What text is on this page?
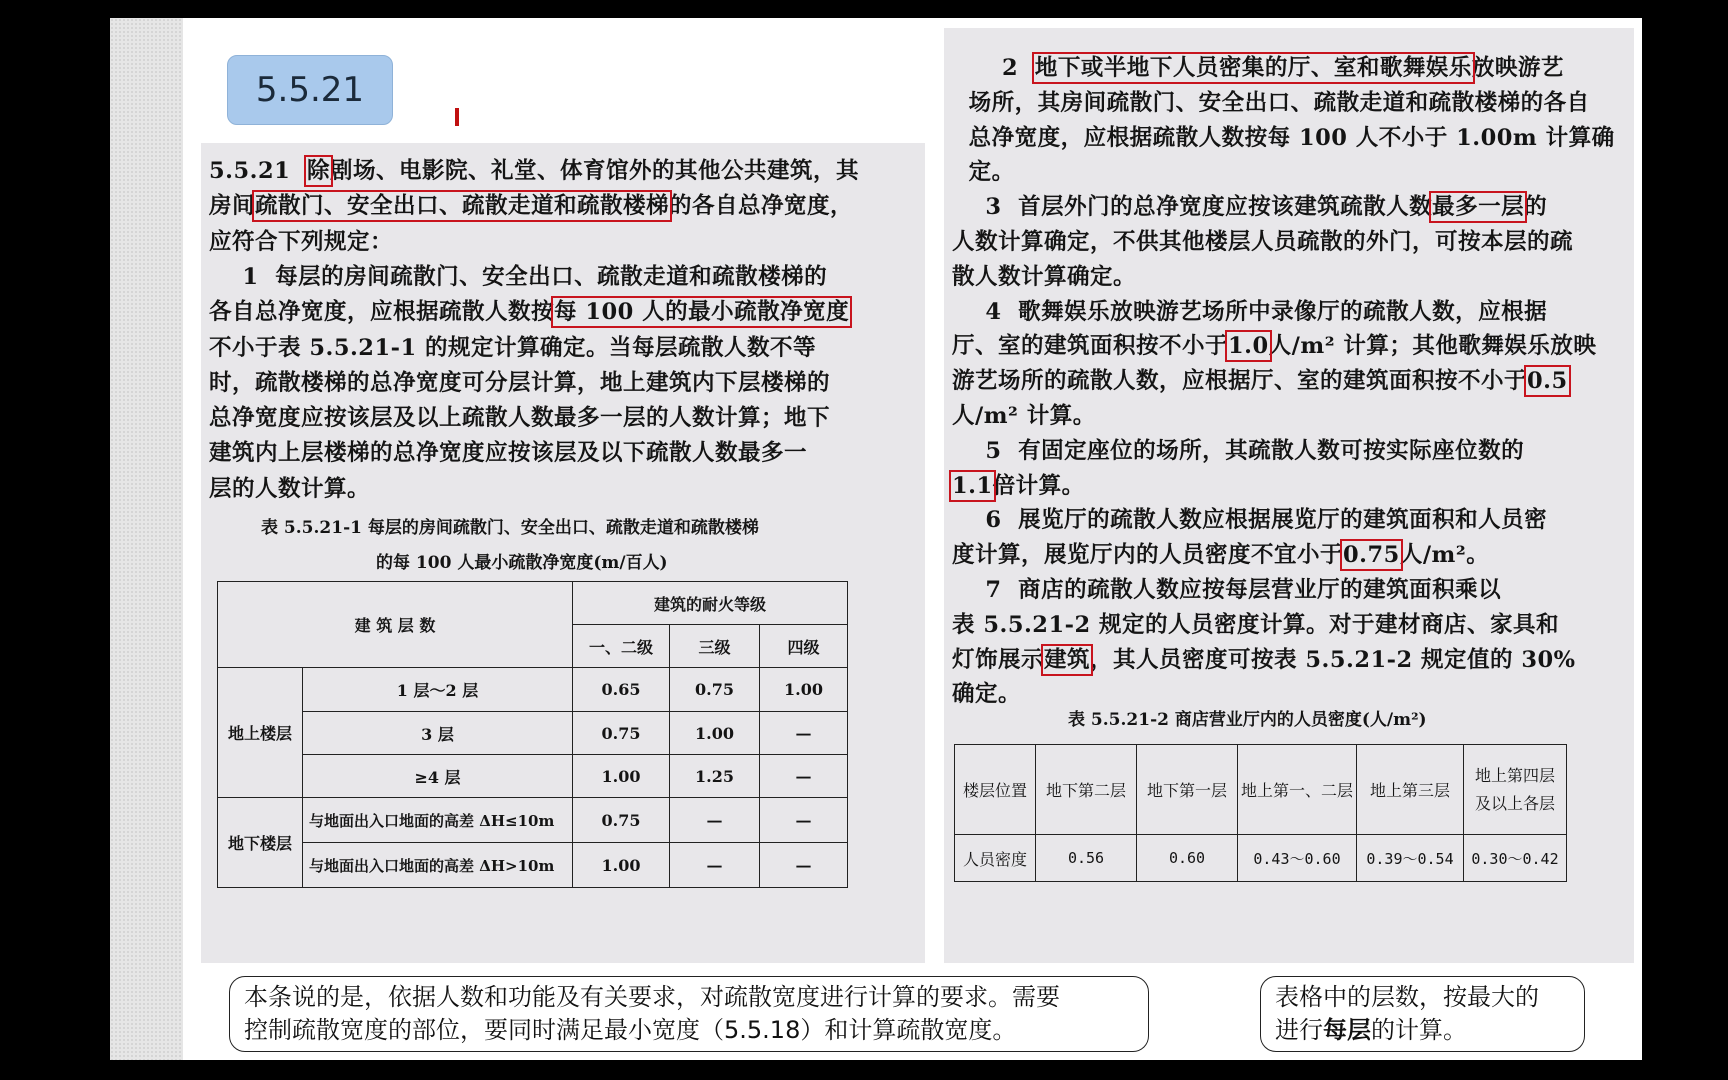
5.5.21
5.5.21  除剧场、电影院、礼堂、体育馆外的其他公共建筑，其
房间疏散门、安全出口、疏散走道和疏散楼梯的各自总净宽度，
应符合下列规定：
1  每层的房间疏散门、安全出口、疏散走道和疏散楼梯的
各自总净宽度，应根据疏散人数按每 100 人的最小疏散净宽度
不小于表 5.5.21-1 的规定计算确定。当每层疏散人数不等
时，疏散楼梯的总净宽度可分层计算，地上建筑内下层楼梯的
总净宽度应按该层及以上疏散人数最多一层的人数计算；地下
建筑内上层楼梯的总净宽度应按该层及以下疏散人数最多一
层的人数计算。
表 5.5.21-1 每层的房间疏散门、安全出口、疏散走道和疏散楼梯
的每 100 人最小疏散净宽度(m/百人)
建 筑 层 数		建筑的耐火等级		
		一、二级	三级	四级
地上楼层	1 层～2 层	0.65	0.75	1.00
	3 层	0.75	1.00	—
	≥4 层	1.00	1.25	—
地下楼层	与地面出入口地面的高差 ΔH≤10m	0.75	—	—
	与地面出入口地面的高差 ΔH>10m	1.00	—	—
2  地下或半地下人员密集的厅、室和歌舞娱乐放映游艺
场所，其房间疏散门、安全出口、疏散走道和疏散楼梯的各自
总净宽度，应根据疏散人数按每 100 人不小于 1.00m 计算确
定。
3  首层外门的总净宽度应按该建筑疏散人数最多一层的
人数计算确定，不供其他楼层人员疏散的外门，可按本层的疏
散人数计算确定。
4  歌舞娱乐放映游艺场所中录像厅的疏散人数，应根据
厅、室的建筑面积按不小于1.0人/m² 计算；其他歌舞娱乐放映
游艺场所的疏散人数，应根据厅、室的建筑面积按不小于0.5
人/m² 计算。
5  有固定座位的场所，其疏散人数可按实际座位数的
1.1倍计算。
6  展览厅的疏散人数应根据展览厅的建筑面积和人员密
度计算，展览厅内的人员密度不宜小于0.75人/m²。
7  商店的疏散人数应按每层营业厅的建筑面积乘以
表 5.5.21-2 规定的人员密度计算。对于建材商店、家具和
灯饰展示建筑，其人员密度可按表 5.5.21-2 规定值的 30%
确定。
表 5.5.21-2 商店营业厅内的人员密度(人/m²)
楼层位置	地下第二层	地下第一层	地上第一、二层	地上第三层	地上第四层
及以上各层
人员密度	0.56	0.60	0.43～0.60	0.39～0.54	0.30～0.42
本条说的是，依据人数和功能及有关要求，对疏散宽度进行计算的要求。需要
控制疏散宽度的部位，要同时满足最小宽度（5.5.18）和计算疏散宽度。
表格中的层数，按最大的
进行每层的计算。
